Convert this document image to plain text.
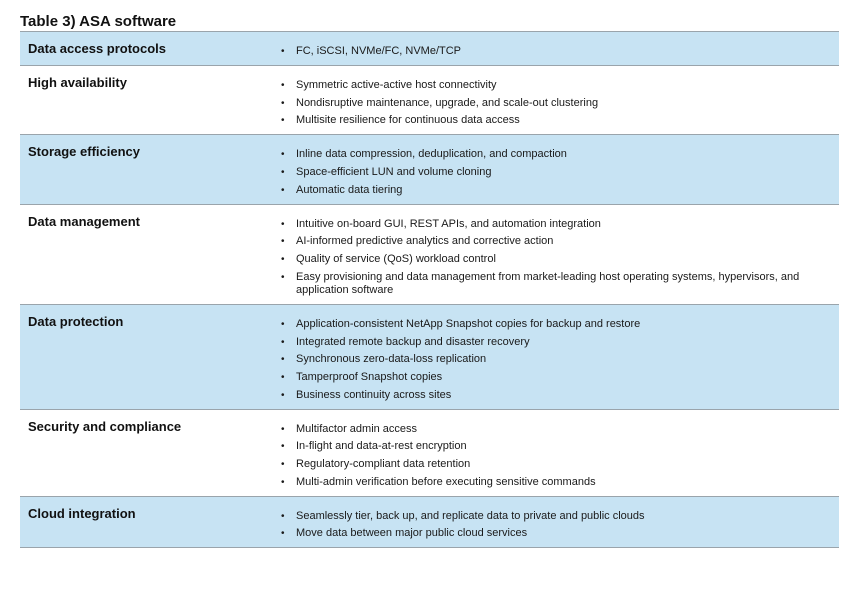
Table 3) ASA software
Data access protocols	• FC, iSCSI, NVMe/FC, NVMe/TCP
High availability	• Symmetric active-active host connectivity
• Nondisruptive maintenance, upgrade, and scale-out clustering
• Multisite resilience for continuous data access
Storage efficiency	• Inline data compression, deduplication, and compaction
• Space-efficient LUN and volume cloning
• Automatic data tiering
Data management	• Intuitive on-board GUI, REST APIs, and automation integration
• AI-informed predictive analytics and corrective action
• Quality of service (QoS) workload control
• Easy provisioning and data management from market-leading host operating systems, hypervisors, and application software
Data protection	• Application-consistent NetApp Snapshot copies for backup and restore
• Integrated remote backup and disaster recovery
• Synchronous zero-data-loss replication
• Tamperproof Snapshot copies
• Business continuity across sites
Security and compliance	• Multifactor admin access
• In-flight and data-at-rest encryption
• Regulatory-compliant data retention
• Multi-admin verification before executing sensitive commands
Cloud integration	• Seamlessly tier, back up, and replicate data to private and public clouds
• Move data between major public cloud services
